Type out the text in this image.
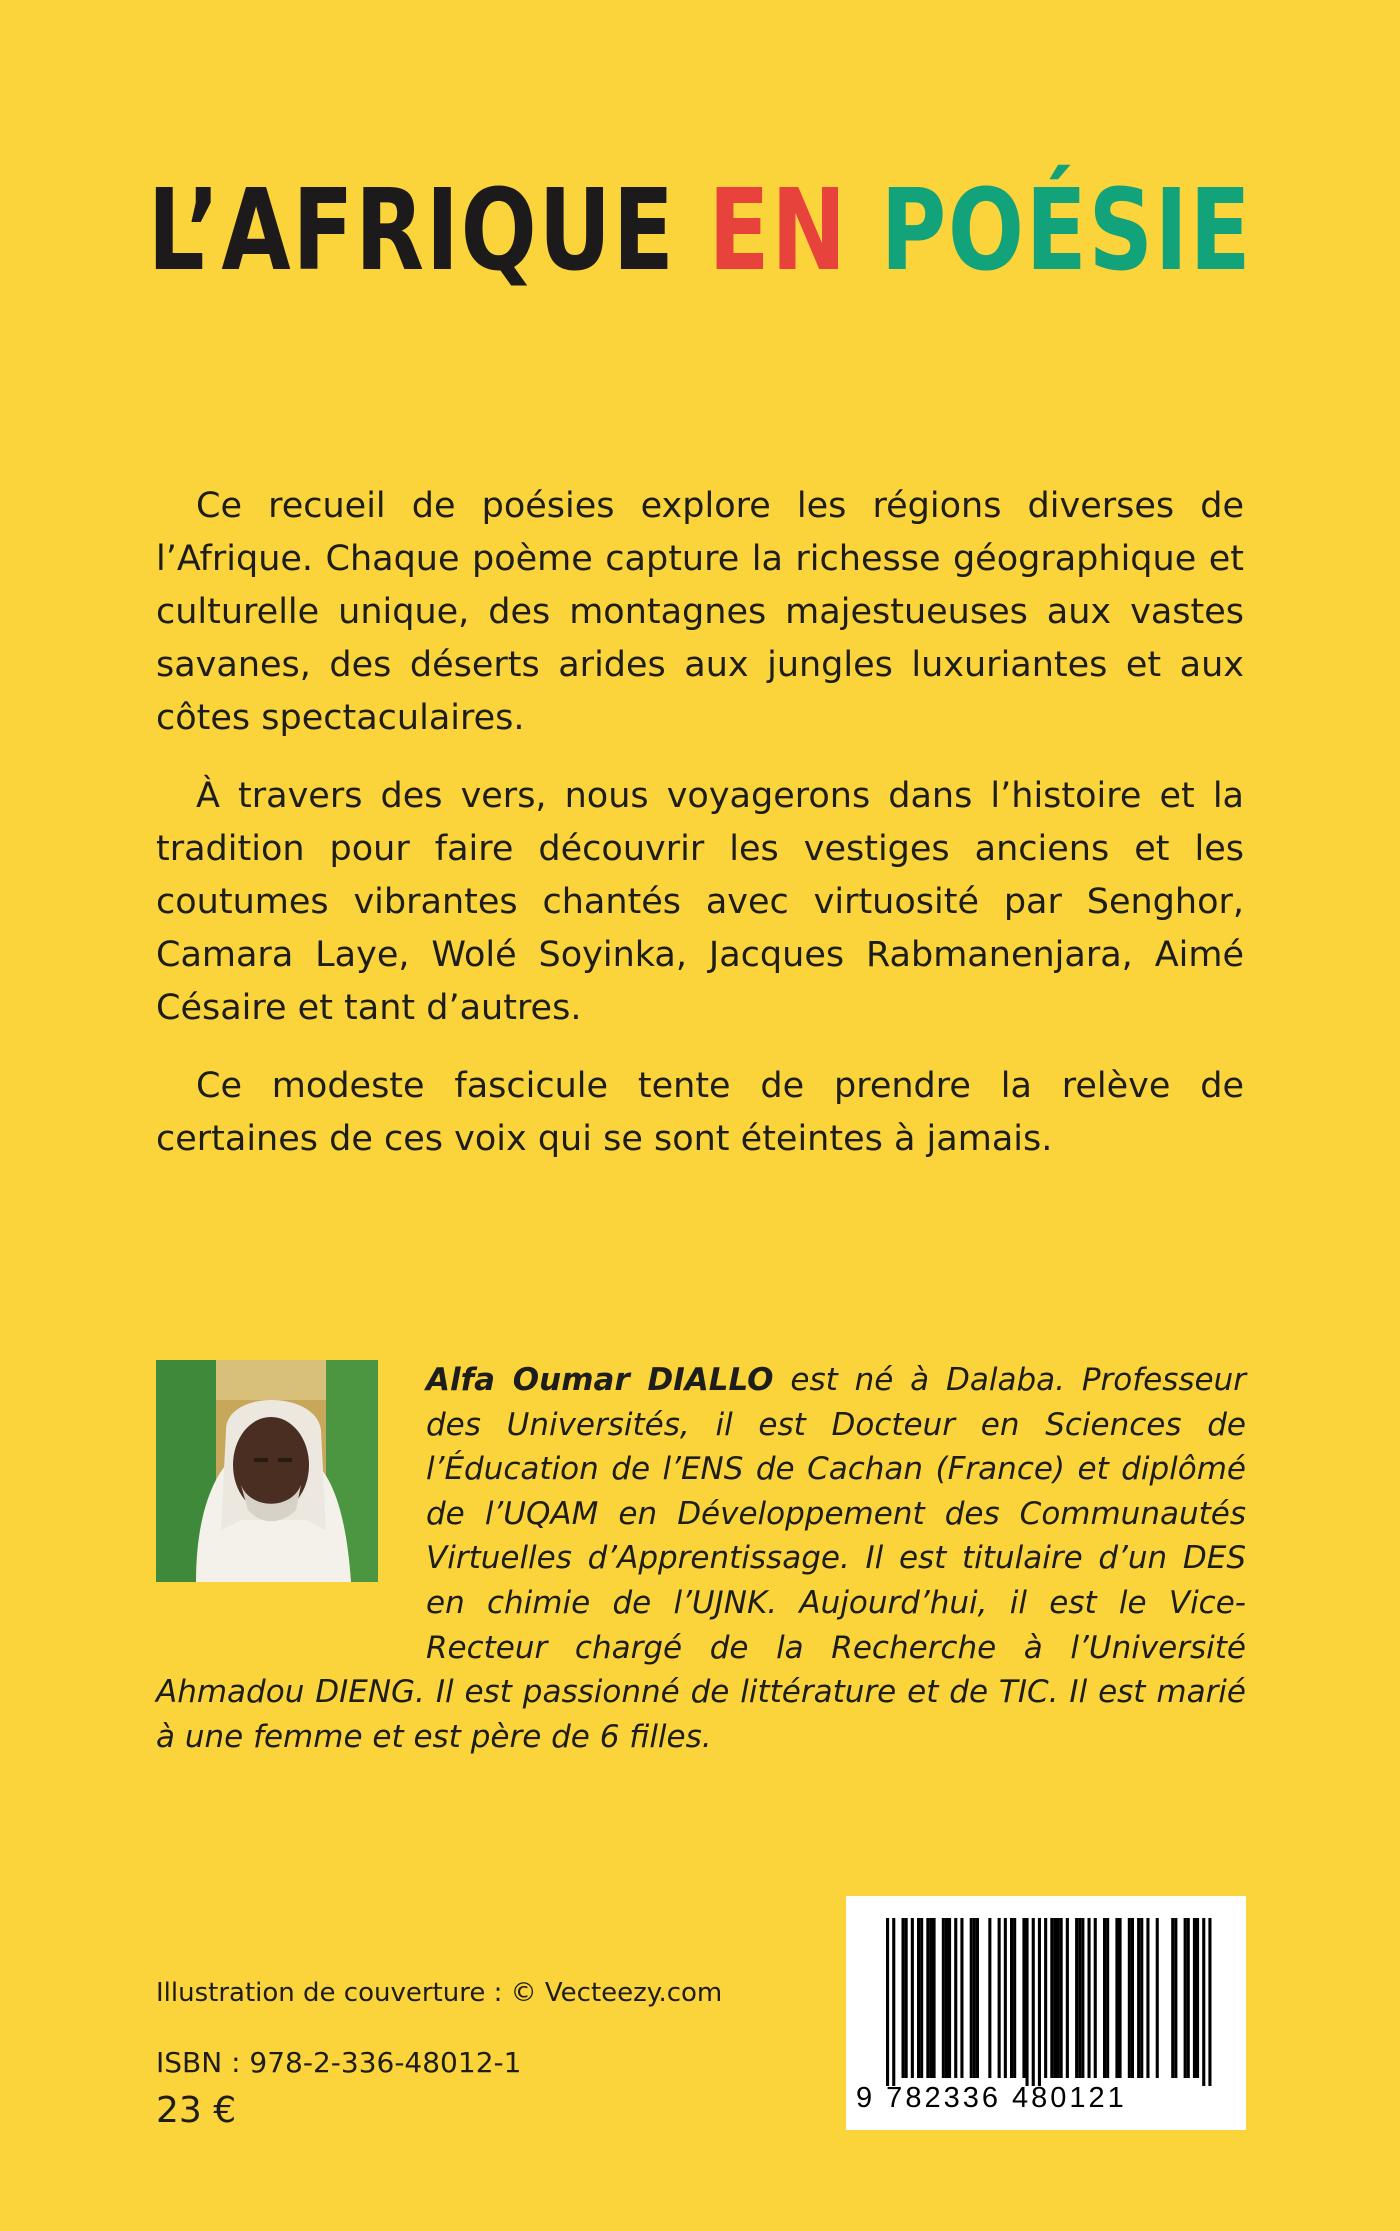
L’AFRIQUE EN POÉSIE

Ce recueil de poésies explore les régions diverses de l’Afrique. Chaque poème capture la richesse géographique et culturelle unique, des montagnes majestueuses aux vastes savanes, des déserts arides aux jungles luxuriantes et aux côtes spectaculaires.

À travers des vers, nous voyagerons dans l’histoire et la tradition pour faire découvrir les vestiges anciens et les coutumes vibrantes chantés avec virtuosité par Senghor, Camara Laye, Wolé Soyinka, Jacques Rabmanenjara, Aimé Césaire et tant d’autres.

Ce modeste fascicule tente de prendre la relève de certaines de ces voix qui se sont éteintes à jamais.

Alfa Oumar DIALLO est né à Dalaba. Professeur des Universités, il est Docteur en Sciences de l’Éducation de l’ENS de Cachan (France) et diplômé de l’UQAM en Développement des Communautés Virtuelles d’Apprentissage. Il est titulaire d’un DES en chimie de l’UJNK. Aujourd’hui, il est le Vice-Recteur chargé de la Recherche à l’Université Ahmadou DIENG. Il est passionné de littérature et de TIC. Il est marié à une femme et est père de 6 filles.
Illustration de couverture : © Vecteezy.com
ISBN : 978-2-336-48012-1
23 €	9 782336 480121
